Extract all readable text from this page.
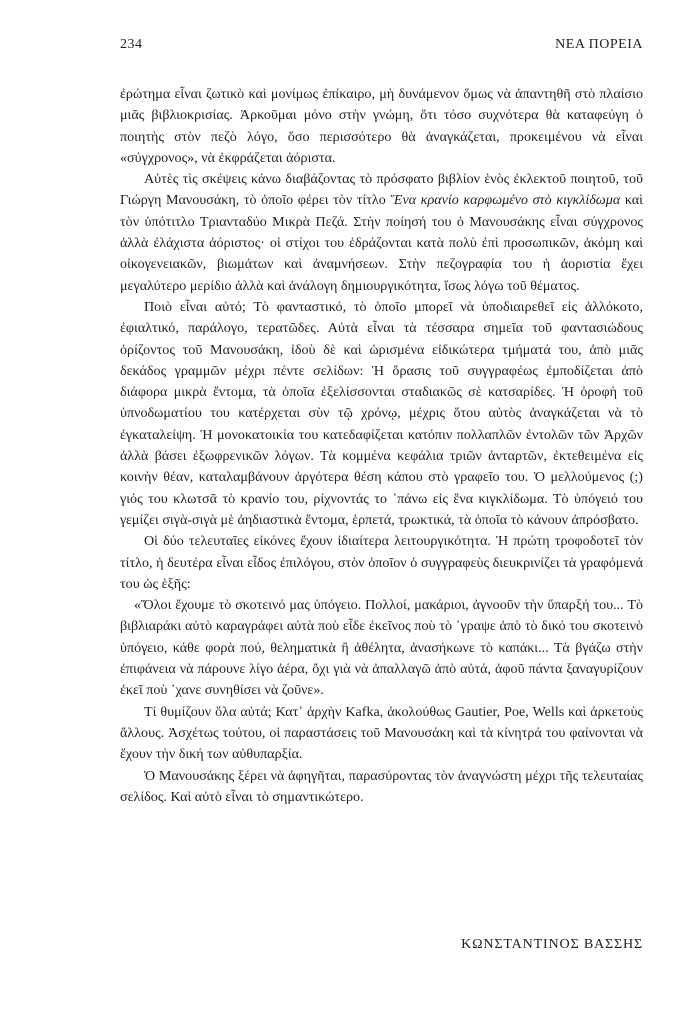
234	ΝΕΑ ΠΟΡΕΙΑ

ἐρώτημα εἶναι ζωτικὸ καὶ μονίμως ἐπίκαιρο, μὴ δυνάμενον ὅμως νὰ ἀπαντηθῆ στὸ πλαίσιο μιᾶς βιβλιοκρισίας. Ἀρκοῦμαι μόνο στὴν γνώμη, ὅτι τόσο συχνότερα θὰ καταφεύγη ὁ ποιητὴς στὸν πεζὸ λόγο, ὅσο περισσότερο θὰ ἀναγκάζεται, προκειμένου νὰ εἶναι «σύγχρονος», νὰ ἐκφράζεται ἀόριστα.

Αὐτὲς τὶς σκέψεις κάνω διαβάζοντας τὸ πρόσφατο βιβλίον ἑνὸς ἐκλεκτοῦ ποιητοῦ, τοῦ Γιώργη Μανουσάκη, τὸ ὁποῖο φέρει τὸν τίτλο Ἕνα κρανίο καρφωμένο στὸ κιγκλίδωμα καὶ τὸν ὑπότιτλο Τριανταδύο Μικρὰ Πεζά. Στὴν ποίησή του ὁ Μανουσάκης εἶναι σύγχρονος ἀλλὰ ἐλάχιστα ἀόριστος· οἱ στίχοι του ἑδράζονται κατὰ πολὺ ἐπὶ προσωπικῶν, ἀκόμη καὶ οἰκογενειακῶν, βιωμάτων καὶ ἀναμνήσεων. Στὴν πεζογραφία του ἡ ἀοριστία ἔχει μεγαλύτερο μερίδιο ἀλλὰ καὶ ἀνάλογη δημιουργικότητα, ἴσως λόγω τοῦ θέματος.

Ποιὸ εἶναι αὐτό; Τὸ φανταστικό, τὸ ὁποῖο μπορεῖ νὰ ὑποδιαιρεθεῖ εἰς ἀλλόκοτο, ἐφιαλτικό, παράλογο, τερατῶδες. Αὐτὰ εἶναι τὰ τέσσαρα σημεῖα τοῦ φαντασιώδους ὁρίζοντος τοῦ Μανουσάκη, ἰδοὺ δὲ καὶ ὡρισμένα εἰδικώτερα τμήματά του, ἀπὸ μιᾶς δεκάδος γραμμῶν μέχρι πέντε σελίδων: Ἡ ὅρασις τοῦ συγγραφέως ἐμποδίζεται ἀπὸ διάφορα μικρὰ ἔντομα, τὰ ὁποῖα ἐξελίσσονται σταδιακῶς σὲ κατσαρίδες. Ἡ ὀροφὴ τοῦ ὑπνοδωματίου του κατέρχεται σὺν τῷ χρόνῳ, μέχρις ὅτου αὐτὸς ἀναγκάζεται νὰ τὸ ἐγκαταλείψη. Ἡ μονοκατοικία του κατεδαφίζεται κατόπιν πολλαπλῶν ἐντολῶν τῶν Ἀρχῶν ἀλλὰ βάσει ἐξωφρενικῶν λόγων. Τὰ κομμένα κεφάλια τριῶν ἀνταρτῶν, ἐκτεθειμένα εἰς κοινὴν θέαν, καταλαμβάνουν ἀργότερα θέση κάπου στὸ γραφεῖο του. Ὁ μελλούμενος (;) γιός του κλωτσᾶ τὸ κρανίο του, ρίχνοντάς το ᾽πάνω εἰς ἕνα κιγκλίδωμα. Τὸ ὑπόγειό του γεμίζει σιγὰ-σιγὰ μὲ ἀηδιαστικὰ ἔντομα, ἑρπετά, τρωκτικά, τὰ ὁποῖα τὸ κάνουν ἀπρόσβατο.

Οἱ δύο τελευταῖες εἰκόνες ἔχουν ἰδιαίτερα λειτουργικότητα. Ἡ πρώτη τροφοδοτεῖ τὸν τίτλο, ἡ δευτέρα εἶναι εἶδος ἐπιλόγου, στὸν ὁποῖον ὁ συγγραφεὺς διευκρινίζει τὰ γραφόμενά του ὡς ἑξῆς:

«Ὅλοι ἔχουμε τὸ σκοτεινό μας ὑπόγειο. Πολλοί, μακάριοι, ἀγνοοῦν τὴν ὕπαρξή του... Τὸ βιβλιαράκι αὐτὸ καραγράφει αὐτὰ ποὺ εἶδε ἐκεῖνος ποὺ τὸ ᾽γραψε ἀπὸ τὸ δικό του σκοτεινὸ ὑπόγειο, κάθε φορὰ πού, θεληματικὰ ἢ ἀθέλητα, ἀνασήκωνε τὸ καπάκι... Τὰ βγάζω στὴν ἐπιφάνεια νὰ πάρουνε λίγο ἀέρα, ὄχι γιὰ νὰ ἀπαλλαγῶ ἀπὸ αὐτά, ἀφοῦ πάντα ξαναγυρίζουν ἐκεῖ ποὺ ᾽χανε συνηθίσει νὰ ζοῦνε».

Τί θυμίζουν ὅλα αὐτά; Κατ᾽ ἀρχὴν Kafka, ἀκολούθως Gautier, Poe, Wells καὶ ἀρκετοὺς ἄλλους. Ἀσχέτως τούτου, οἱ παραστάσεις τοῦ Μανουσάκη καὶ τὰ κίνητρά του φαίνονται νὰ ἔχουν τὴν δική των αὐθυπαρξία.

Ὁ Μανουσάκης ξέρει νὰ ἀφηγῆται, παρασύροντας τὸν ἀναγνώστη μέχρι τῆς τελευταίας σελίδος. Καὶ αὐτὸ εἶναι τὸ σημαντικώτερο.

ΚΩΝΣΤΑΝΤΙΝΟΣ ΒΑΣΣΗΣ
